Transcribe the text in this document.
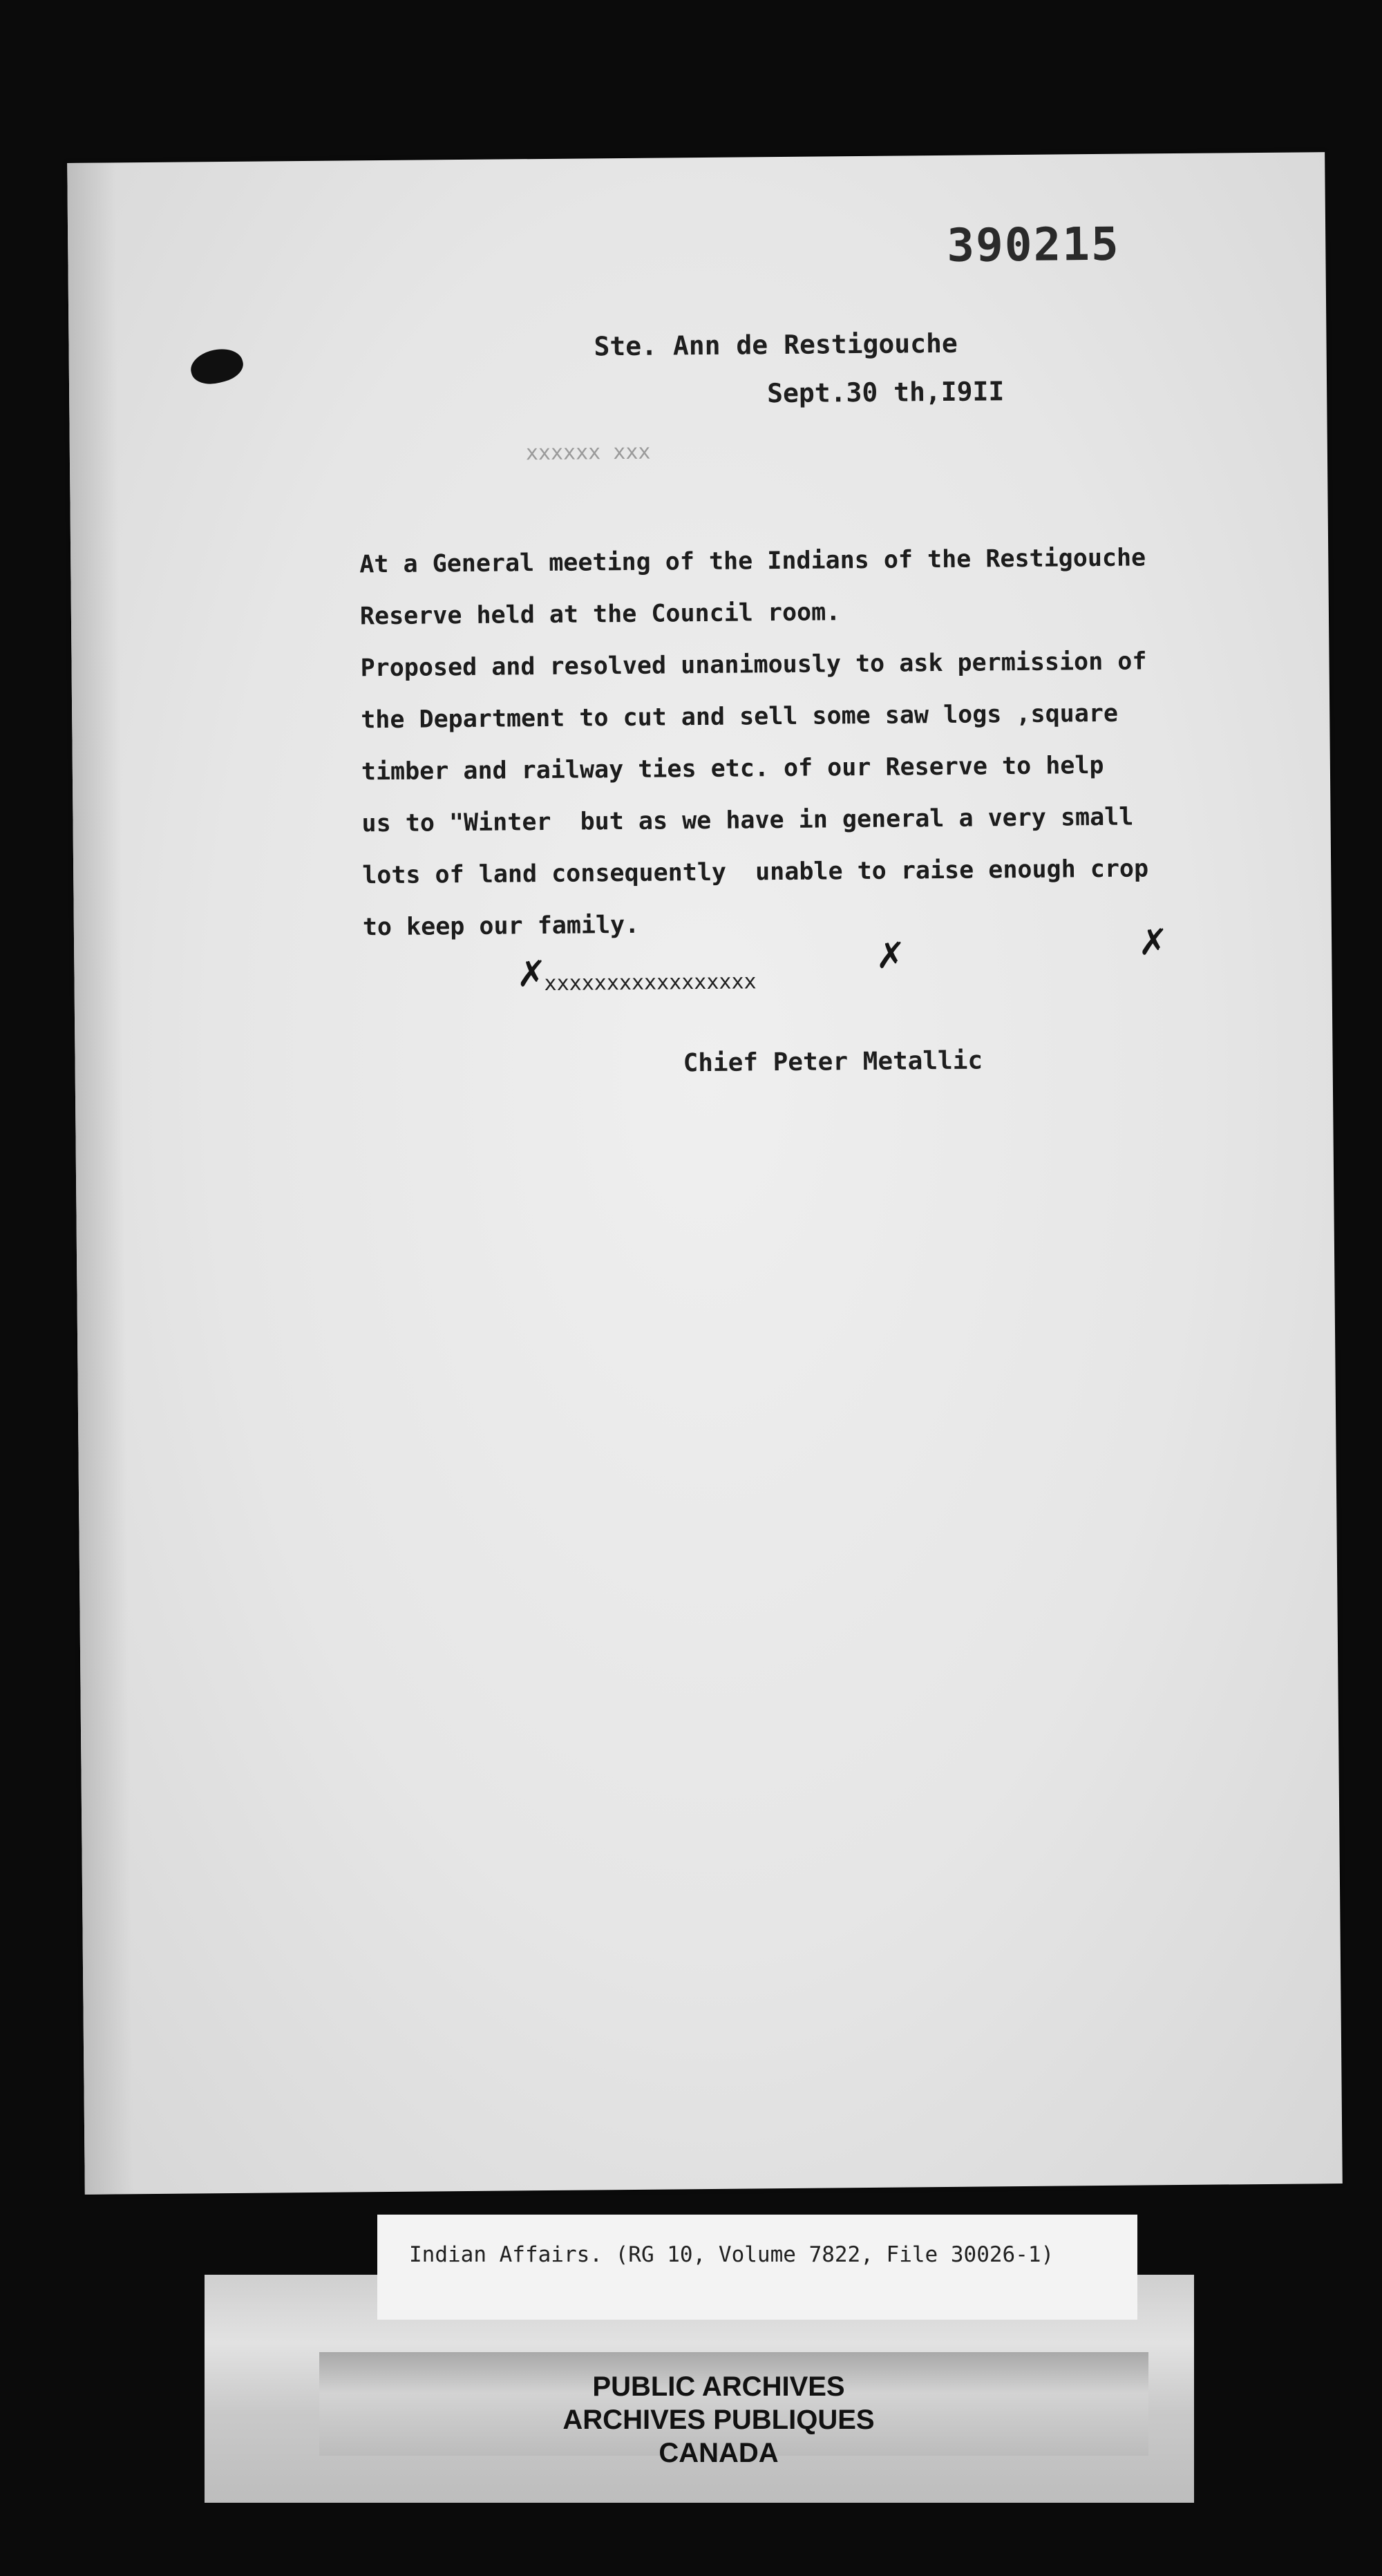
390215
Ste. Ann de Restigouche
Sept.30 th,I9II
xxxxxx xxx
At a General meeting of the Indians of the Restigouche
Reserve held at the Council room.
Proposed and resolved unanimously to ask permission of
the Department to cut and sell some saw logs ,square
timber and railway ties etc. of our Reserve to help
us to "Winter  but as we have in general a very small
lots of land consequently  unable to raise enough crop
to keep our family.
✗
xxxxxxxxxxxxxxxxx
✗	✗
Chief Peter Metallic
Indian Affairs. (RG 10, Volume 7822, File 30026-1)
PUBLIC ARCHIVES
ARCHIVES PUBLIQUES
CANADA
